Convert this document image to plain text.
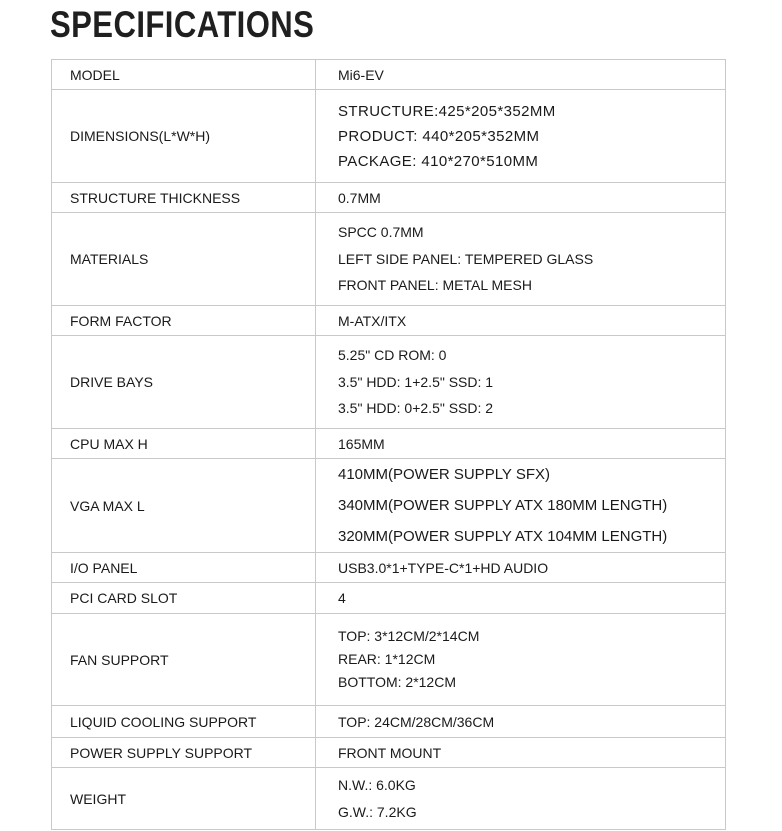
SPECIFICATIONS
MODEL	Mi6-EV

DIMENSIONS(L*W*H)	STRUCTURE:425*205*352MM
PRODUCT: 440*205*352MM
PACKAGE: 410*270*510MM

STRUCTURE THICKNESS	0.7MM

MATERIALS	SPCC 0.7MM
LEFT SIDE PANEL: TEMPERED GLASS
FRONT PANEL: METAL MESH

FORM FACTOR	M-ATX/ITX

DRIVE BAYS	5.25" CD ROM: 0
3.5" HDD: 1+2.5" SSD: 1
3.5" HDD: 0+2.5" SSD: 2

CPU MAX H	165MM

VGA MAX L	410MM(POWER SUPPLY SFX)
340MM(POWER SUPPLY ATX 180MM LENGTH)
320MM(POWER SUPPLY ATX 104MM LENGTH)

I/O PANEL	USB3.0*1+TYPE-C*1+HD AUDIO

PCI CARD SLOT	4

FAN SUPPORT	TOP: 3*12CM/2*14CM
REAR: 1*12CM
BOTTOM: 2*12CM

LIQUID COOLING SUPPORT	TOP: 24CM/28CM/36CM

POWER SUPPLY SUPPORT	FRONT MOUNT

WEIGHT	N.W.: 6.0KG
G.W.: 7.2KG
